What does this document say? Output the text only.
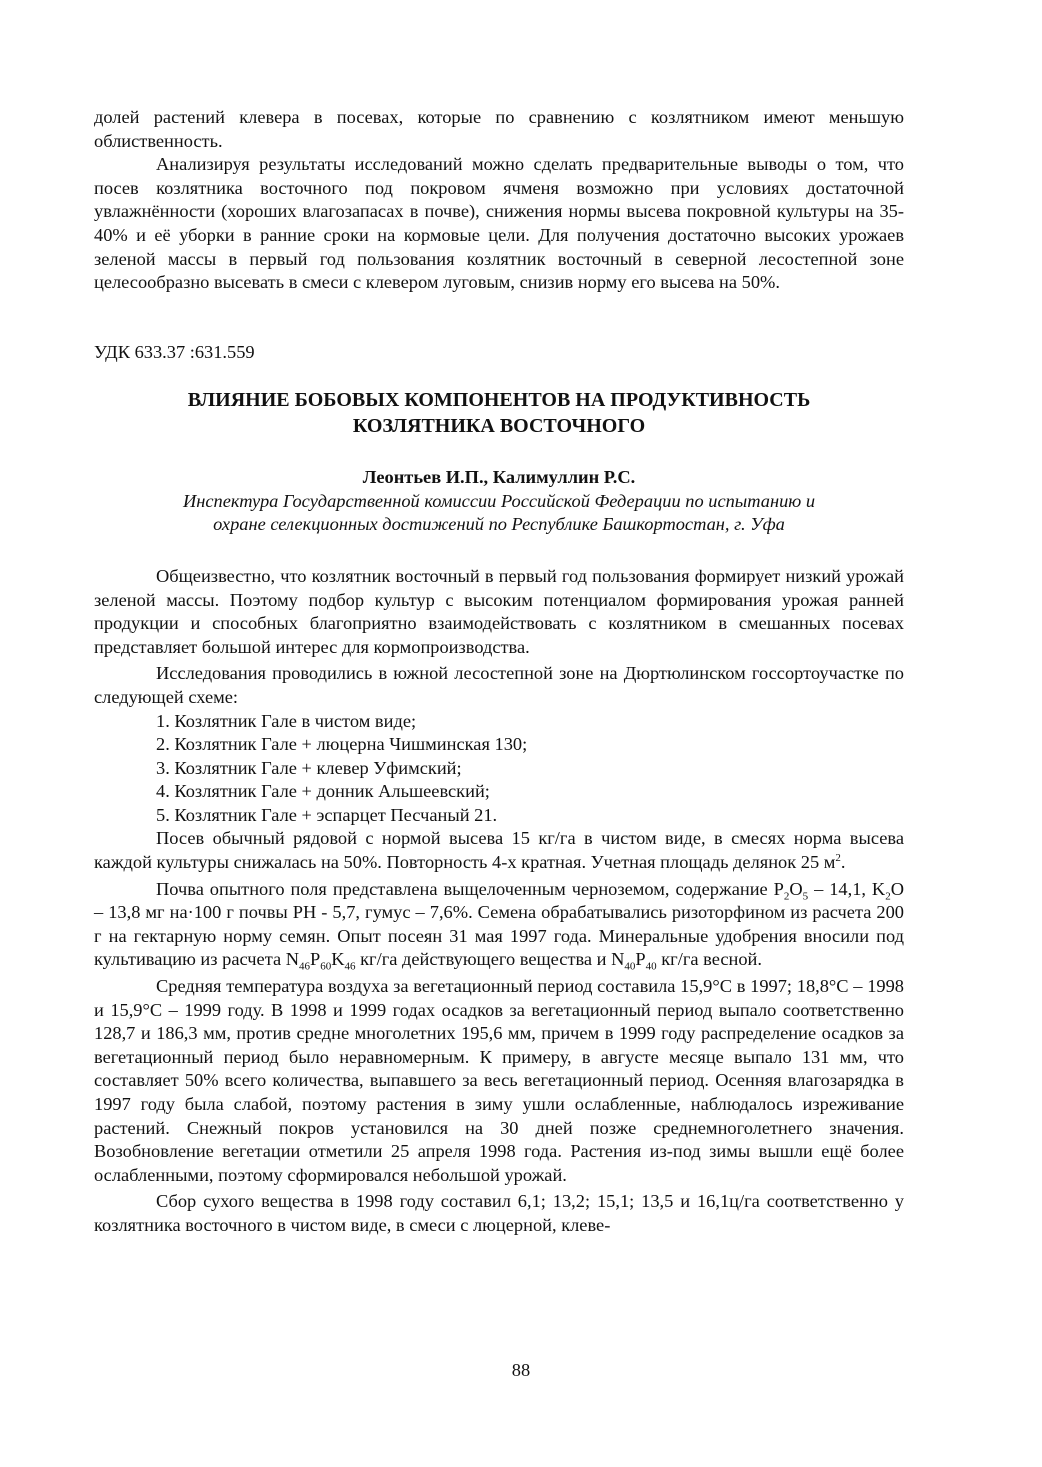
долей растений клевера в посевах, которые по сравнению с козлятником имеют меньшую облиственность.

Анализируя результаты исследований можно сделать предварительные выводы о том, что посев козлятника восточного под покровом ячменя возможно при условиях достаточной увлажнённости (хороших влагозапасах в почве), снижения нормы высева покровной культуры на 35-40% и её уборки в ранние сроки на кормовые цели. Для получения достаточно высоких урожаев зеленой массы в первый год пользования козлятник восточный в северной лесостепной зоне целесообразно высевать в смеси с клевером луговым, снизив норму его высева на 50%.

УДК 633.37 :631.559

ВЛИЯНИЕ БОБОВЫХ КОМПОНЕНТОВ НА ПРОДУКТИВНОСТЬ
КОЗЛЯТНИКА ВОСТОЧНОГО

Леонтьев И.П., Калимуллин Р.С.

Инспектура Государственной комиссии Российской Федерации по испытанию и
охране селекционных достижений по Республике Башкортостан, г. Уфа

Общеизвестно, что козлятник восточный в первый год пользования формирует низкий урожай зеленой массы. Поэтому подбор культур с высоким потенциалом формирования урожая ранней продукции и способных благоприятно взаимодействовать с козлятником в смешанных посевах представляет большой интерес для кормопроизводства.

Исследования проводились в южной лесостепной зоне на Дюртюлинском госсортоучастке по следующей схеме:

1. Козлятник Гале в чистом виде;
2. Козлятник Гале + люцерна Чишминская 130;
3. Козлятник Гале + клевер Уфимский;
4. Козлятник Гале + донник Альшеевский;
5. Козлятник Гале + эспарцет Песчаный 21.

Посев обычный рядовой с нормой высева 15 кг/га в чистом виде, в смесях норма высева каждой культуры снижалась на 50%. Повторность 4-х кратная. Учетная площадь делянок 25 $м^2$.

Почва опытного поля представлена выщелоченным черноземом, содержание $P_2O_5 - 14,1$, $K_2O - 13,8$ мг на·100 г почвы PH - 5,7, гумус – 7,6%. Семена обрабатывались ризоторфином из расчета 200 г на гектарную норму семян. Опыт посеян 31 мая 1997 года. Минеральные удобрения вносили под культивацию из расчета $N_{46}P_{60}K_{46}$ кг/га действующего вещества и $N_{40}P_{40}$ кг/га весной.

Средняя температура воздуха за вегетационный период составила 15,9°С в 1997; 18,8°С – 1998 и 15,9°С – 1999 году. В 1998 и 1999 годах осадков за вегетационный период выпало соответственно 128,7 и 186,3 мм, против средне многолетних 195,6 мм, причем в 1999 году распределение осадков за вегетационный период было неравномерным. К примеру, в августе месяце выпало 131 мм, что составляет 50% всего количества, выпавшего за весь вегетационный период. Осенняя влагозарядка в 1997 году была слабой, поэтому растения в зиму ушли ослабленные, наблюдалось изреживание растений. Снежный покров установился на 30 дней позже среднемноголетнего значения. Возобновление вегетации отметили 25 апреля 1998 года. Растения из-под зимы вышли ещё более ослабленными, поэтому сформировался небольшой урожай.

Сбор сухого вещества в 1998 году составил 6,1; 13,2; 15,1; 13,5 и 16,1ц/га соответственно у козлятника восточного в чистом виде, в смеси с люцерной, клеве-

88
